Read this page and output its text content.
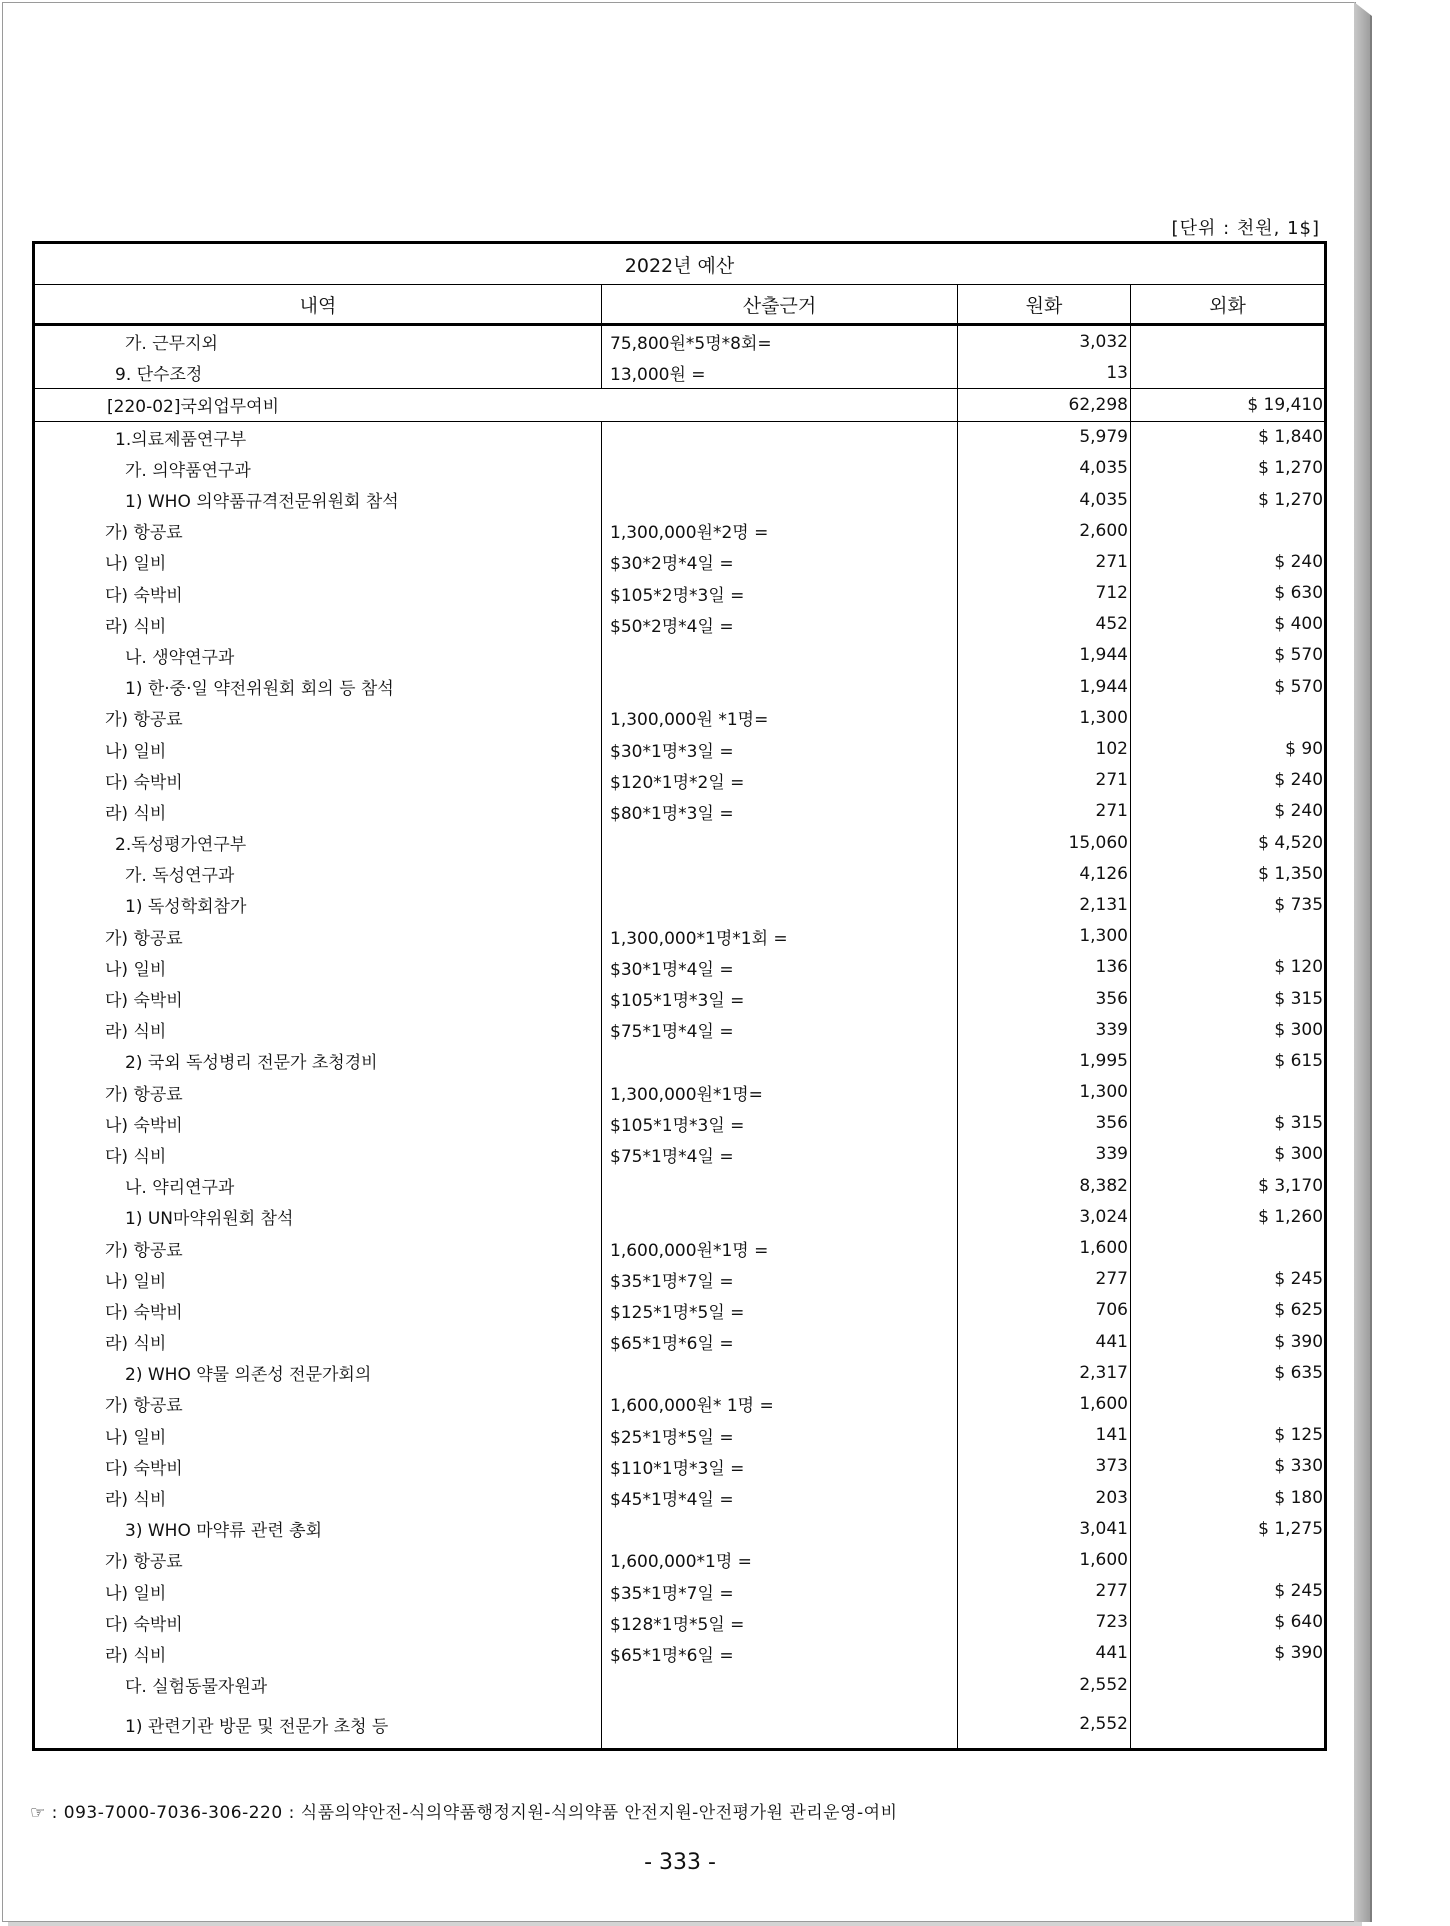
[단위 : 천원, 1$]
2022년 예산			
내역	산출근거	원화	외화
가. 근무지외	75,800원*5명*8회=	3,032	
9. 단수조정	13,000원 =	13	
[220-02]국외업무여비		62,298	$ 19,410
1.의료제품연구부		5,979	$ 1,840
가. 의약품연구과		4,035	$ 1,270
1) WHO 의약품규격전문위원회 참석		4,035	$ 1,270
가) 항공료	1,300,000원*2명 =	2,600	
나) 일비	$30*2명*4일 =	271	$ 240
다) 숙박비	$105*2명*3일 =	712	$ 630
라) 식비	$50*2명*4일 =	452	$ 400
나. 생약연구과		1,944	$ 570
1) 한·중·일 약전위원회 회의 등 참석		1,944	$ 570
가) 항공료	1,300,000원 *1명=	1,300	
나) 일비	$30*1명*3일 =	102	$ 90
다) 숙박비	$120*1명*2일 =	271	$ 240
라) 식비	$80*1명*3일 =	271	$ 240
2.독성평가연구부		15,060	$ 4,520
가. 독성연구과		4,126	$ 1,350
1) 독성학회참가		2,131	$ 735
가) 항공료	1,300,000*1명*1회 =	1,300	
나) 일비	$30*1명*4일 =	136	$ 120
다) 숙박비	$105*1명*3일 =	356	$ 315
라) 식비	$75*1명*4일 =	339	$ 300
2) 국외 독성병리 전문가 초청경비		1,995	$ 615
가) 항공료	1,300,000원*1명=	1,300	
나) 숙박비	$105*1명*3일 =	356	$ 315
다) 식비	$75*1명*4일 =	339	$ 300
나. 약리연구과		8,382	$ 3,170
1) UN마약위원회 참석		3,024	$ 1,260
가) 항공료	1,600,000원*1명 =	1,600	
나) 일비	$35*1명*7일 =	277	$ 245
다) 숙박비	$125*1명*5일 =	706	$ 625
라) 식비	$65*1명*6일 =	441	$ 390
2) WHO 약물 의존성 전문가회의		2,317	$ 635
가) 항공료	1,600,000원* 1명 =	1,600	
나) 일비	$25*1명*5일 =	141	$ 125
다) 숙박비	$110*1명*3일 =	373	$ 330
라) 식비	$45*1명*4일 =	203	$ 180
3) WHO 마약류 관련 총회		3,041	$ 1,275
가) 항공료	1,600,000*1명 =	1,600	
나) 일비	$35*1명*7일 =	277	$ 245
다) 숙박비	$128*1명*5일 =	723	$ 640
라) 식비	$65*1명*6일 =	441	$ 390
다. 실험동물자원과		2,552	
1) 관련기관 방문 및 전문가 초청 등		2,552	
☞ : 093-7000-7036-306-220 : 식품의약안전-식의약품행정지원-식의약품 안전지원-안전평가원 관리운영-여비
- 333 -
